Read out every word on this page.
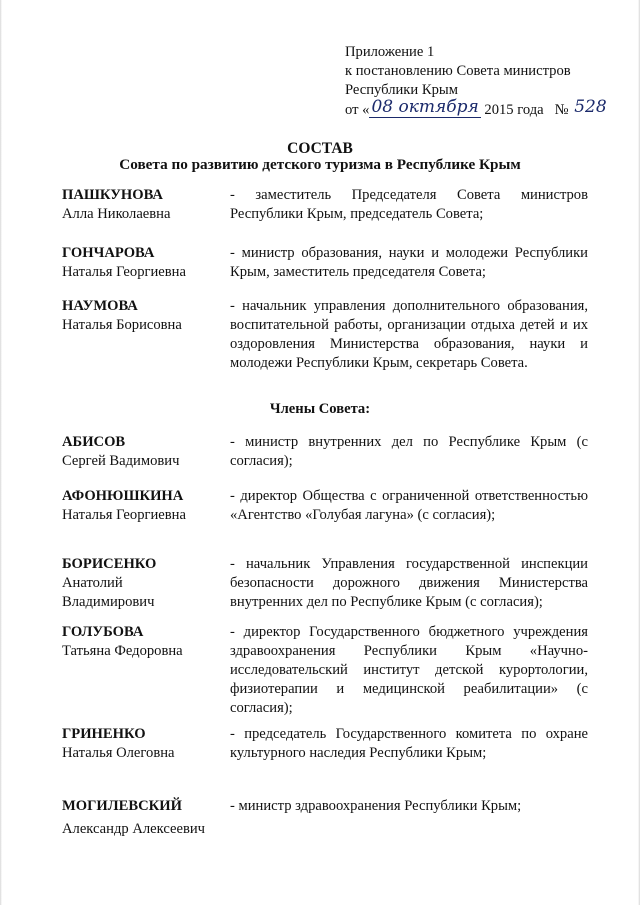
Приложение 1
к постановлению Совета министров
Республики Крым
от « 08 октября 2015 года № 528
СОСТАВ
Совета по развитию детского туризма в Республике Крым
ПАШКУНОВА
Алла Николаевна
- заместитель Председателя Совета министров Республики Крым, председатель Совета;
ГОНЧАРОВА
Наталья Георгиевна
- министр образования, науки и молодежи Республики Крым, заместитель председателя Совета;
НАУМОВА
Наталья Борисовна
- начальник управления дополнительного образования, воспитательной работы, организации отдыха детей и их оздоровления Министерства образования, науки и молодежи Республики Крым, секретарь Совета.
Члены Совета:
АБИСОВ
Сергей Вадимович
- министр внутренних дел по Республике Крым (с согласия);
АФОНЮШКИНА
Наталья Георгиевна
- директор Общества с ограниченной ответственностью «Агентство «Голубая лагуна» (с согласия);
БОРИСЕНКО
Анатолий Владимирович
- начальник Управления государственной инспекции безопасности дорожного движения Министерства внутренних дел по Республике Крым (с согласия);
ГОЛУБОВА
Татьяна Федоровна
- директор Государственного бюджетного учреждения здравоохранения Республики Крым «Научно-исследовательский институт детской курортологии, физиотерапии и медицинской реабилитации» (с согласия);
ГРИНЕНКО
Наталья Олеговна
- председатель Государственного комитета по охране культурного наследия Республики Крым;
МОГИЛЕВСКИЙ
Александр Алексеевич
- министр здравоохранения Республики Крым;
